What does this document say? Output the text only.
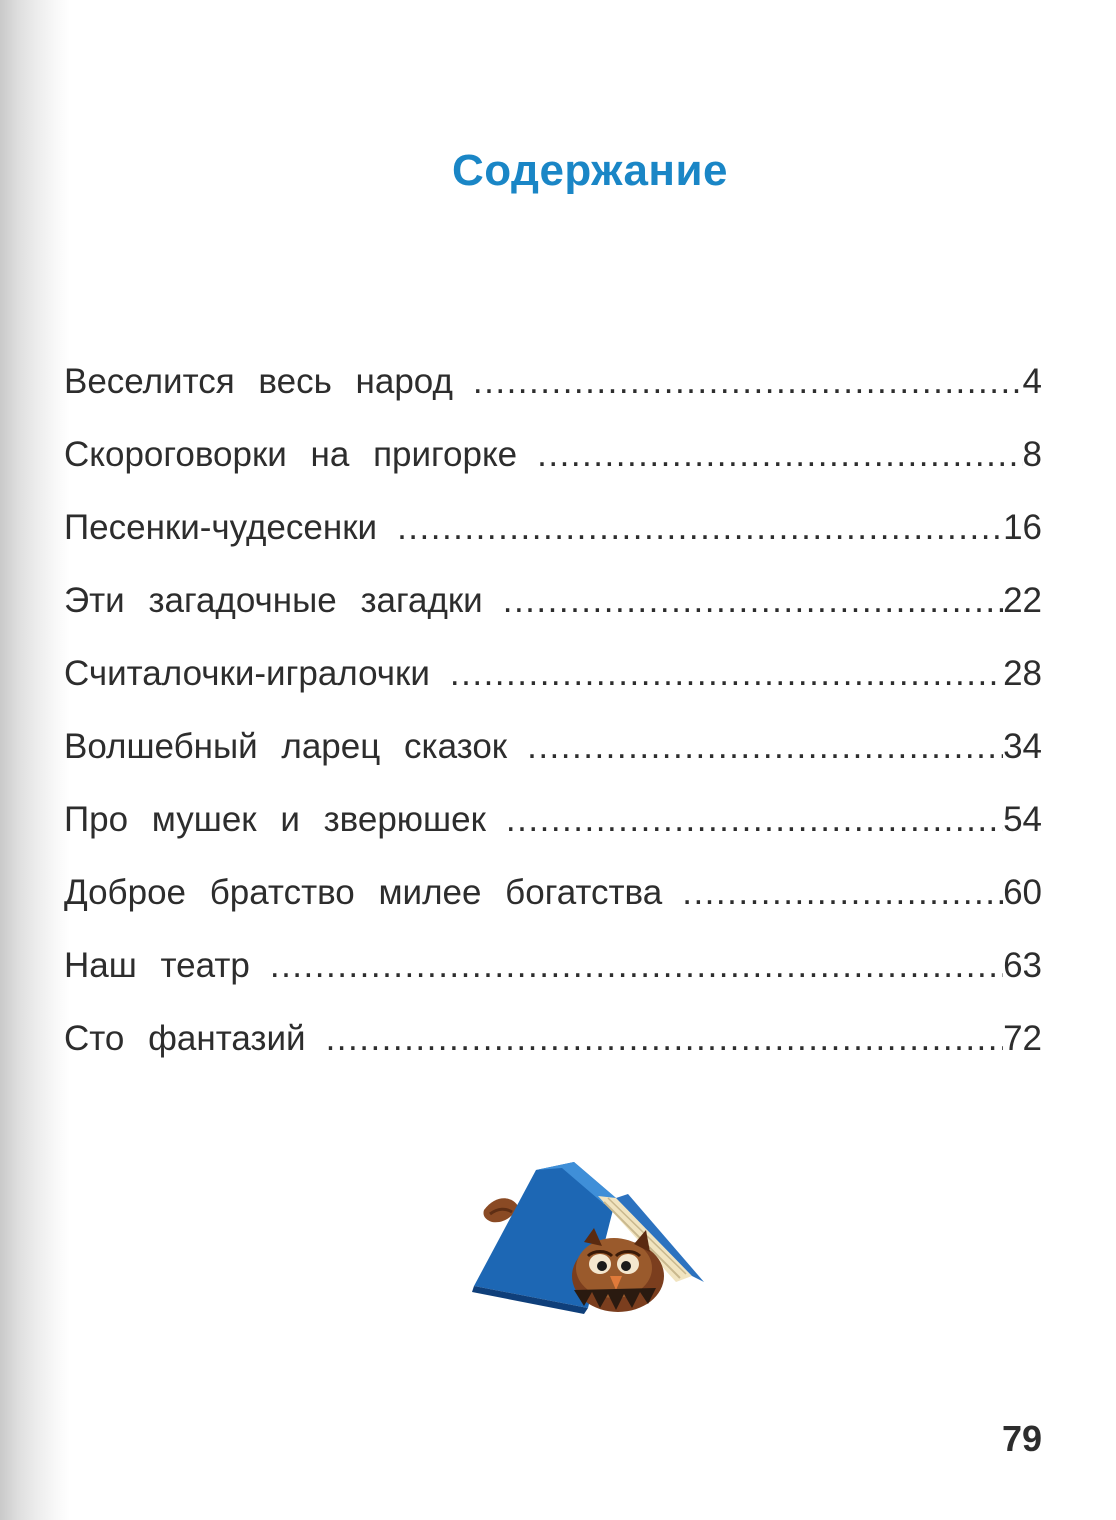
Содержание
Веселится весь народ .....	4
Скороговорки на пригорке .....	8
Песенки-чудесенки .....	16
Эти загадочные загадки .....	22
Считалочки-игралочки .....	28
Волшебный ларец сказок .....	34
Про мушек и зверюшек .....	54
Доброе братство милее богатства .....	60
Наш театр .....	63
Сто фантазий .....	72
79
